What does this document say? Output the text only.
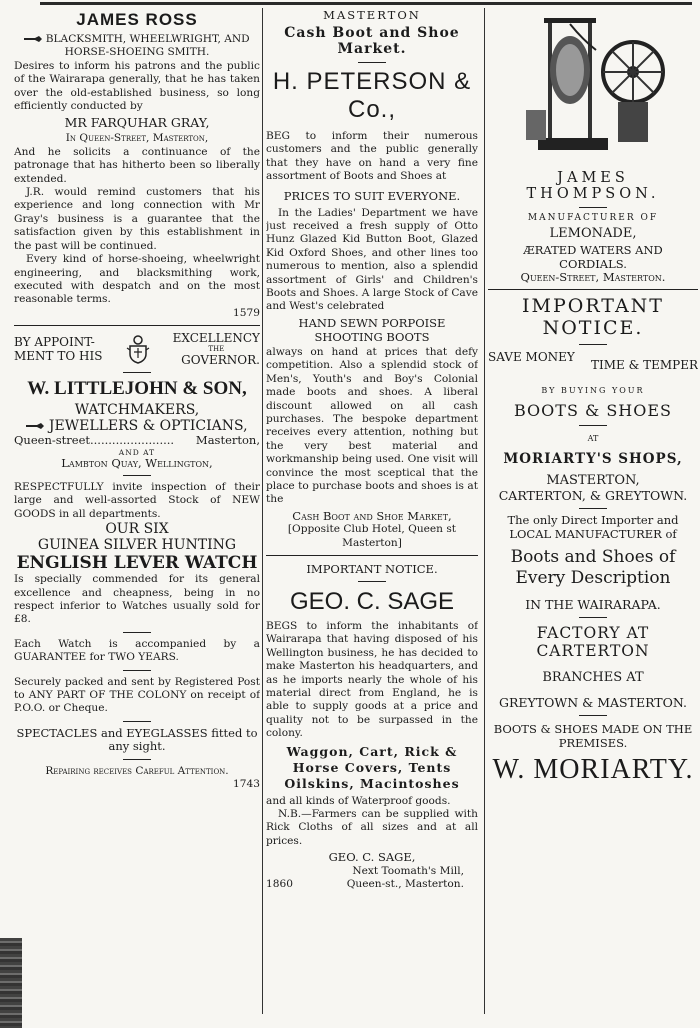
JAMES ROSS

BLACKSMITH, WHEELWRIGHT, AND HORSE-SHOEING SMITH.

Desires to inform his patrons and the public of the Wairarapa generally, that he has taken over the old-established business, so long efficiently conducted by

MR FARQUHAR GRAY,

In Queen-Street, Masterton,

And he solicits a continuance of the patronage that has hitherto been so liberally extended.

J.R. would remind customers that his experience and long connection with Mr Gray's business is a guarantee that the satisfaction given by this establishment in the past will be continued.

Every kind of horse-shoeing, wheelwright engineering, and blacksmithing work, executed with despatch and on the most reasonable terms.

1579

BY APPOINT-

MENT TO HIS

EXCELLENCY

THE

GOVERNOR.

W. LITTLEJOHN & SON,

WATCHMAKERS,

JEWELLERS & OPTICIANS,

Queen-street....................... Masterton,

AND AT

Lambton Quay, Wellington,

RESPECTFULLY invite inspection of their large and well-assorted Stock of NEW GOODS in all departments.

OUR SIX

GUINEA SILVER HUNTING

ENGLISH LEVER WATCH

Is specially commended for its general excellence and cheapness, being in no respect inferior to Watches usually sold for £8.

Each Watch is accompanied by a GUARANTEE for TWO YEARS.

Securely packed and sent by Registered Post to ANY PART OF THE COLONY on receipt of P.O.O. or Cheque.

SPECTACLES and EYEGLASSES fitted to any sight.

Repairing receives Careful Attention.

1743

MASTERTON

Cash Boot and Shoe

Market.

H. PETERSON & Co.,

BEG to inform their numerous customers and the public generally that they have on hand a very fine assortment of Boots and Shoes at

PRICES TO SUIT EVERYONE.

In the Ladies' Department we have just received a fresh supply of Otto Hunz Glazed Kid Button Boot, Glazed Kid Oxford Shoes, and other lines too numerous to mention, also a splendid assortment of Girls' and Children's Boots and Shoes. A large Stock of Cave and West's celebrated

HAND SEWN PORPOISE SHOOTING BOOTS

always on hand at prices that defy competition. Also a splendid stock of Men's, Youth's and Boy's Colonial made boots and shoes. A liberal discount allowed on all cash purchases. The bespoke department receives every attention, nothing but the very best material and workmanship being used. One visit will convince the most sceptical that the place to purchase boots and shoes is at the

Cash Boot and Shoe Market,

[Opposite Club Hotel, Queen st Masterton]

IMPORTANT NOTICE.

GEO. C. SAGE

BEGS to inform the inhabitants of Wairarapa that having disposed of his Wellington business, he has decided to make Masterton his headquarters, and as he imports nearly the whole of his material direct from England, he is able to supply goods at a price and quality not to be surpassed in the colony.

Waggon, Cart, Rick & Horse Covers, Tents Oilskins, Macintoshes

and all kinds of Waterproof goods.

N.B.—Farmers can be supplied with Rick Cloths of all sizes and at all prices.

GEO. C. SAGE,

1860
Next Toomath's Mill,
Queen-st., Masterton.

JAMES THOMPSON.

MANUFACTURER OF

LEMONADE,

ÆRATED WATERS AND CORDIALS.

Queen-Street, Masterton.

IMPORTANT NOTICE.

SAVE MONEY
TIME & TEMPER

BY BUYING YOUR

BOOTS & SHOES

AT

MORIARTY'S SHOPS,

MASTERTON,

CARTERTON, & GREYTOWN.

The only Direct Importer and LOCAL MANUFACTURER of

Boots and Shoes of Every Description

IN THE WAIRARAPA.

FACTORY AT CARTERTON

BRANCHES AT

GREYTOWN & MASTERTON.

BOOTS & SHOES MADE ON THE PREMISES.

W. MORIARTY.
